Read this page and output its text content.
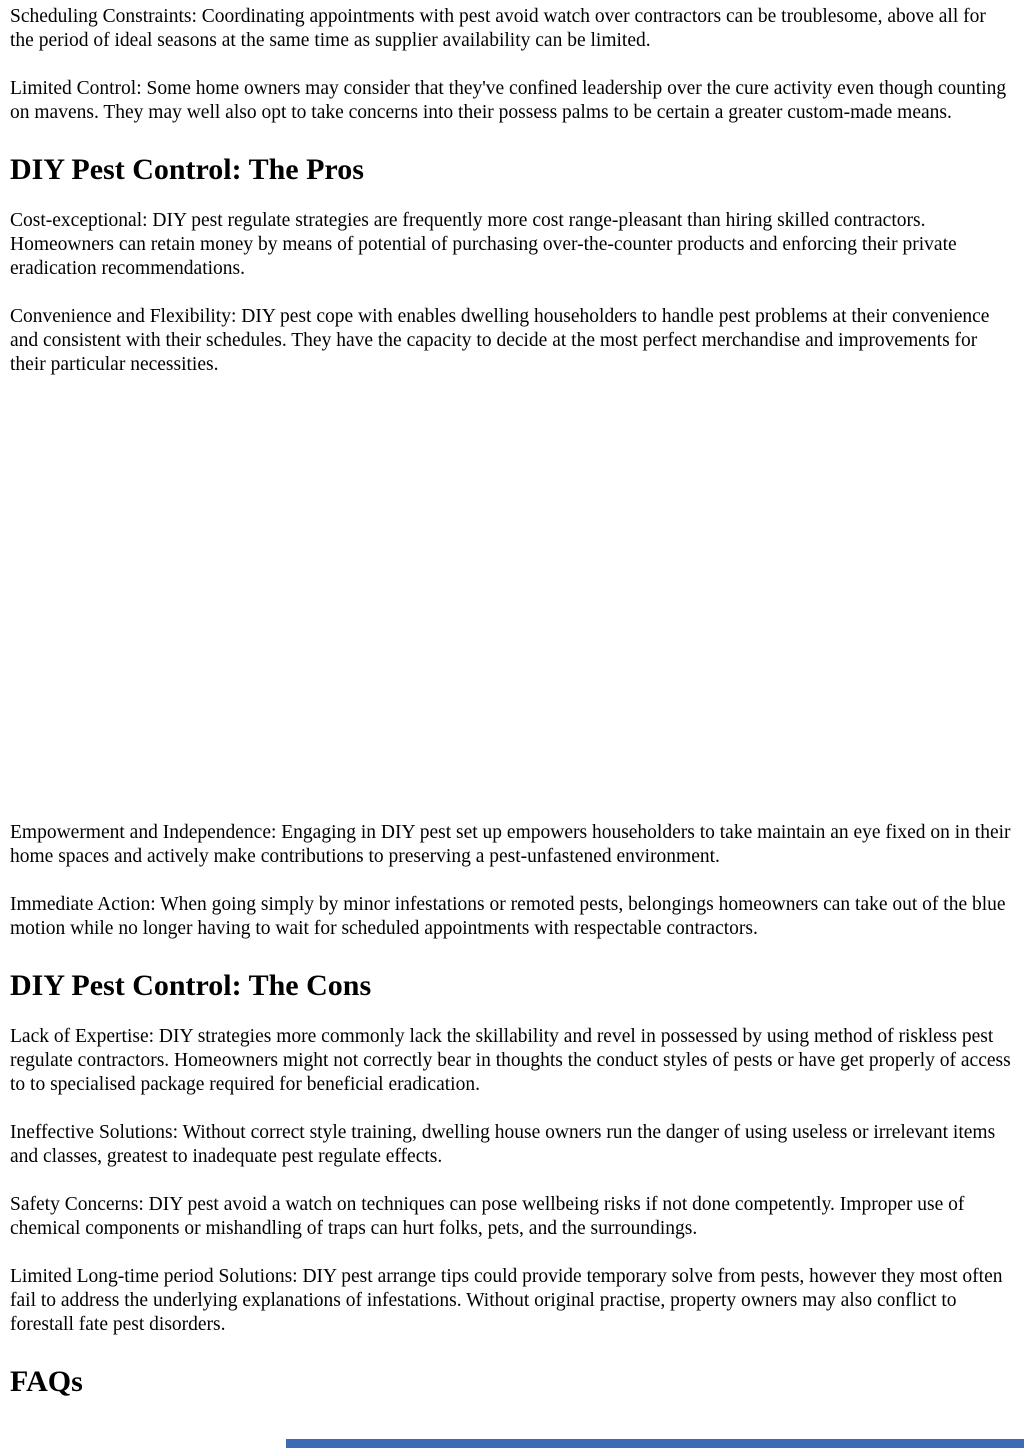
Scheduling Constraints: Coordinating appointments with pest avoid watch over contractors can be troublesome, above all for the period of ideal seasons at the same time as supplier availability can be limited.

Limited Control: Some home owners may consider that they've confined leadership over the cure activity even though counting on mavens. They may well also opt to take concerns into their possess palms to be certain a greater custom-made means.

DIY Pest Control: The Pros

Cost-exceptional: DIY pest regulate strategies are frequently more cost range-pleasant than hiring skilled contractors. Homeowners can retain money by means of potential of purchasing over-the-counter products and enforcing their private eradication recommendations.

Convenience and Flexibility: DIY pest cope with enables dwelling householders to handle pest problems at their convenience and consistent with their schedules. They have the capacity to decide at the most perfect merchandise and improvements for their particular necessities.

Empowerment and Independence: Engaging in DIY pest set up empowers householders to take maintain an eye fixed on in their home spaces and actively make contributions to preserving a pest-unfastened environment.

Immediate Action: When going simply by minor infestations or remoted pests, belongings homeowners can take out of the blue motion while no longer having to wait for scheduled appointments with respectable contractors.

DIY Pest Control: The Cons

Lack of Expertise: DIY strategies more commonly lack the skillability and revel in possessed by using method of riskless pest regulate contractors. Homeowners might not correctly bear in thoughts the conduct styles of pests or have get properly of access to to specialised package required for beneficial eradication.

Ineffective Solutions: Without correct style training, dwelling house owners run the danger of using useless or irrelevant items and classes, greatest to inadequate pest regulate effects.

Safety Concerns: DIY pest avoid a watch on techniques can pose wellbeing risks if not done competently. Improper use of chemical components or mishandling of traps can hurt folks, pets, and the surroundings.

Limited Long-time period Solutions: DIY pest arrange tips could provide temporary solve from pests, however they most often fail to address the underlying explanations of infestations. Without original practise, property owners may also conflict to forestall fate pest disorders.

FAQs
